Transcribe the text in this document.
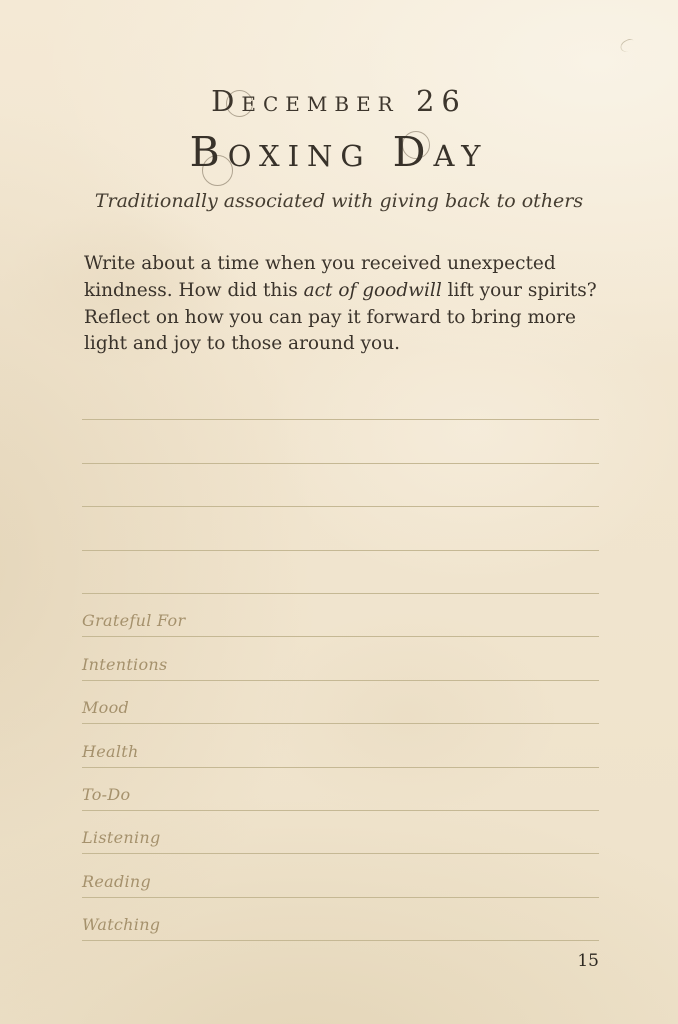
December 26
Boxing Day

Traditionally associated with giving back to others

Write about a time when you received unexpected kindness. How did this act of goodwill lift your spirits? Reflect on how you can pay it forward to bring more light and joy to those around you.

Grateful For
Intentions
Mood
Health
To-Do
Listening
Reading
Watching
15
